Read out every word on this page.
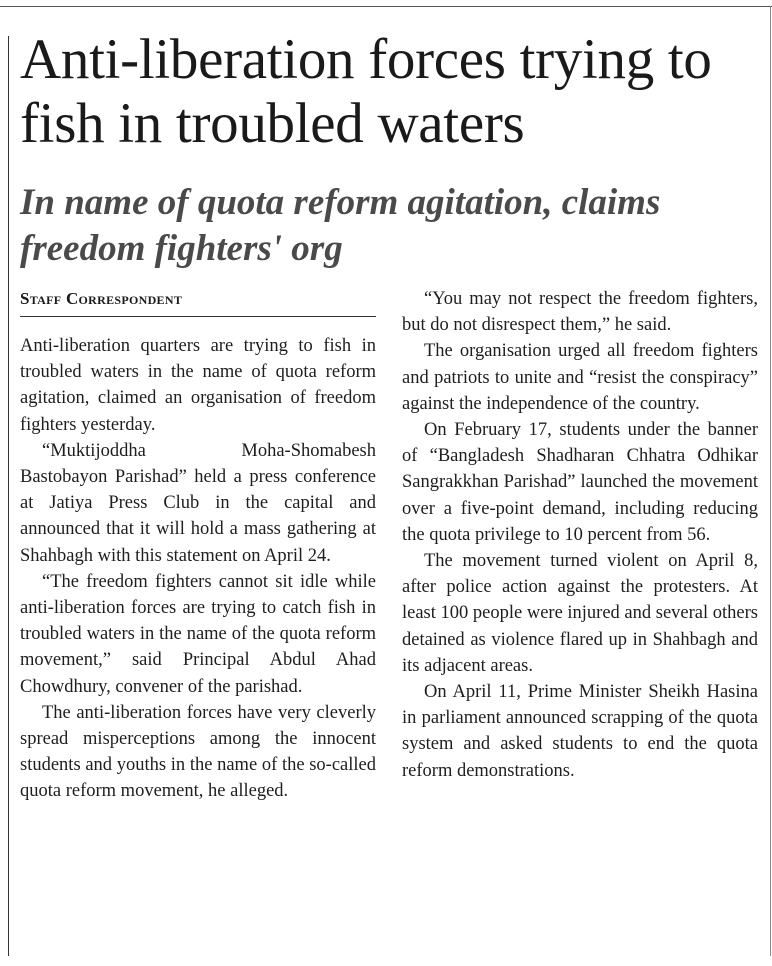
Anti-liberation forces trying to fish in troubled waters
In name of quota reform agitation, claims freedom fighters' org
Staff Correspondent

Anti-liberation quarters are trying to fish in troubled waters in the name of quota reform agitation, claimed an organisation of freedom fighters yesterday.

“Muktijoddha Moha-Shomabesh Bastobayon Parishad” held a press conference at Jatiya Press Club in the capital and announced that it will hold a mass gathering at Shahbagh with this statement on April 24.

“The freedom fighters cannot sit idle while anti-liberation forces are trying to catch fish in troubled waters in the name of the quota reform movement,” said Principal Abdul Ahad Chowdhury, convener of the parishad.

The anti-liberation forces have very cleverly spread misperceptions among the innocent students and youths in the name of the so-called quota reform movement, he alleged.

“You may not respect the freedom fighters, but do not disrespect them,” he said.

The organisation urged all freedom fighters and patriots to unite and “resist the conspiracy” against the independence of the country.

On February 17, students under the banner of “Bangladesh Shadharan Chhatra Odhikar Sangrakkhan Parishad” launched the movement over a five-point demand, including reducing the quota privilege to 10 percent from 56.

The movement turned violent on April 8, after police action against the protesters. At least 100 people were injured and several others detained as violence flared up in Shahbagh and its adjacent areas.

On April 11, Prime Minister Sheikh Hasina in parliament announced scrapping of the quota system and asked students to end the quota reform demonstrations.
